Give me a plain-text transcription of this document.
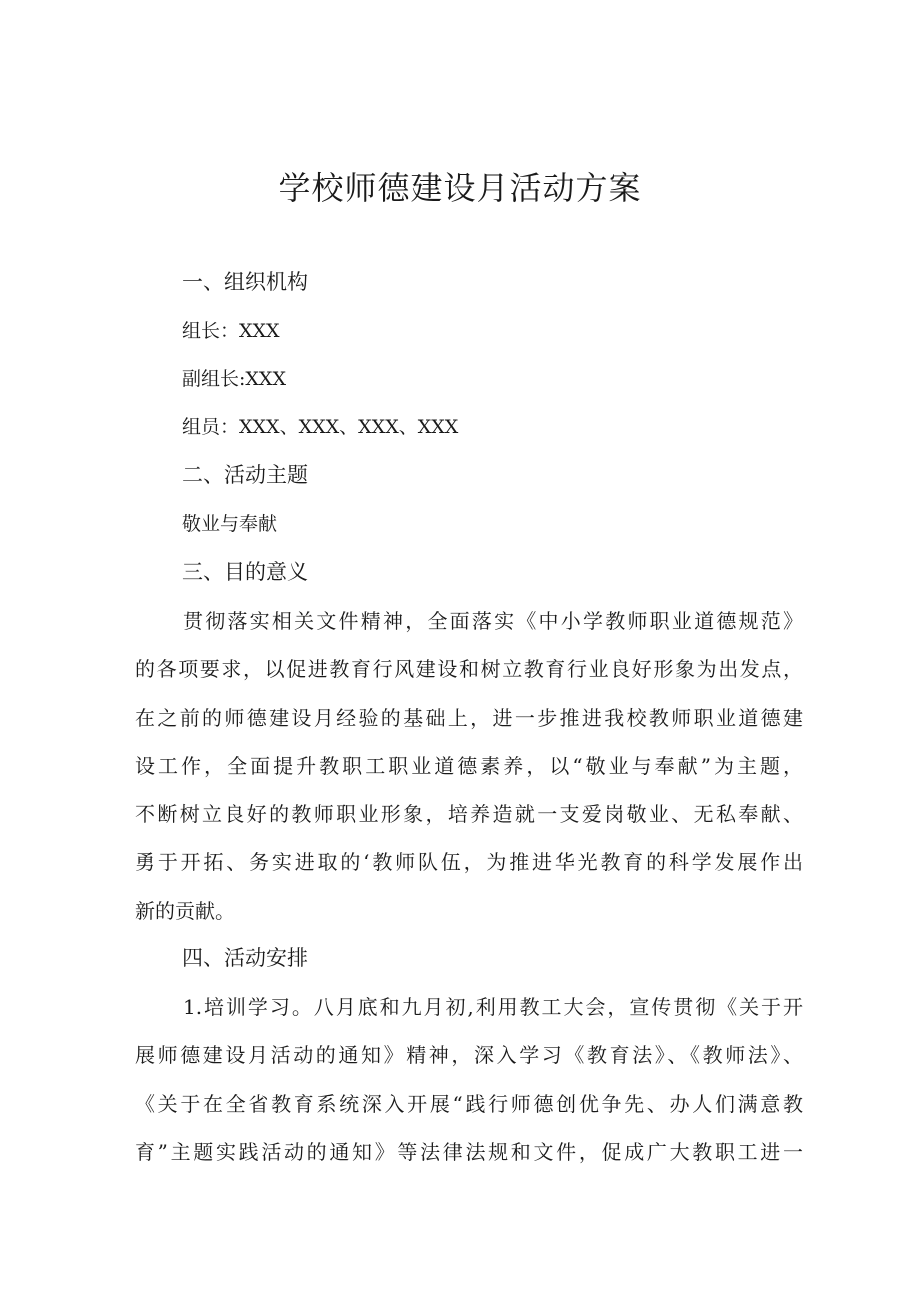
学校师德建设月活动方案
一、组织机构

组长：XXX

副组长:XXX

组员：XXX、XXX、XXX、XXX

二、活动主题

敬业与奉献

三、目的意义
贯彻落实相关文件精神，全面落实《中小学教师职业道德规范》
的各项要求，以促进教育行风建设和树立教育行业良好形象为出发点，
在之前的师德建设月经验的基础上，进一步推进我校教师职业道德建
设工作，全面提升教职工职业道德素养，以“敬业与奉献”为主题，
不断树立良好的教师职业形象，培养造就一支爱岗敬业、无私奉献、
勇于开拓、务实进取的‘教师队伍，为推进华光教育的科学发展作出
新的贡献。
四、活动安排
1.培训学习。八月底和九月初,利用教工大会，宣传贯彻《关于开
展师德建设月活动的通知》精神，深入学习《教育法》、《教师法》、
《关于在全省教育系统深入开展“践行师德创优争先、办人们满意教
育”主题实践活动的通知》等法律法规和文件，促成广大教职工进一
